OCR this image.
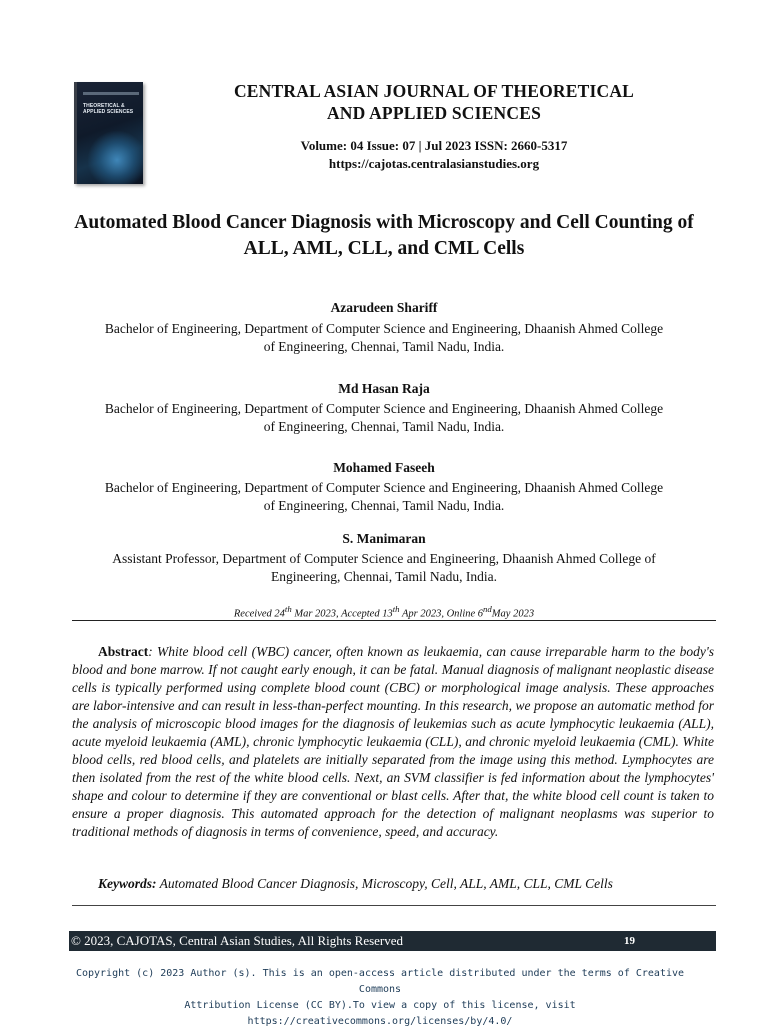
THEORETICAL & APPLIED SCIENCES
CENTRAL ASIAN JOURNAL OF THEORETICAL
AND APPLIED SCIENCES
Volume: 04 Issue: 07 | Jul 2023 ISSN: 2660-5317
https://cajotas.centralasianstudies.org
Automated Blood Cancer Diagnosis with Microscopy and Cell Counting of
ALL, AML, CLL, and CML Cells
Azarudeen Shariff
Bachelor of Engineering, Department of Computer Science and Engineering, Dhaanish Ahmed College
of Engineering, Chennai, Tamil Nadu, India.
Md Hasan Raja
Bachelor of Engineering, Department of Computer Science and Engineering, Dhaanish Ahmed College
of Engineering, Chennai, Tamil Nadu, India.
Mohamed Faseeh
Bachelor of Engineering, Department of Computer Science and Engineering, Dhaanish Ahmed College
of Engineering, Chennai, Tamil Nadu, India.
S. Manimaran
Assistant Professor, Department of Computer Science and Engineering, Dhaanish Ahmed College of
Engineering, Chennai, Tamil Nadu, India.
Received 24th Mar 2023, Accepted 13th Apr 2023, Online 6ndMay 2023
Abstract: White blood cell (WBC) cancer, often known as leukaemia, can cause irreparable harm to the body's blood and bone marrow. If not caught early enough, it can be fatal. Manual diagnosis of malignant neoplastic disease cells is typically performed using complete blood count (CBC) or morphological image analysis. These approaches are labor-intensive and can result in less-than-perfect mounting. In this research, we propose an automatic method for the analysis of microscopic blood images for the diagnosis of leukemias such as acute lymphocytic leukaemia (ALL), acute myeloid leukaemia (AML), chronic lymphocytic leukaemia (CLL), and chronic myeloid leukaemia (CML). White blood cells, red blood cells, and platelets are initially separated from the image using this method. Lymphocytes are then isolated from the rest of the white blood cells. Next, an SVM classifier is fed information about the lymphocytes' shape and colour to determine if they are conventional or blast cells. After that, the white blood cell count is taken to ensure a proper diagnosis. This automated approach for the detection of malignant neoplasms was superior to traditional methods of diagnosis in terms of convenience, speed, and accuracy.
Keywords: Automated Blood Cancer Diagnosis, Microscopy, Cell, ALL, AML, CLL, CML Cells
© 2023, CAJOTAS, Central Asian Studies, All Rights Reserved	19
Copyright (c) 2023 Author (s). This is an open-access article distributed under the terms of Creative Commons
Attribution License (CC BY).To view a copy of this license, visit https://creativecommons.org/licenses/by/4.0/
